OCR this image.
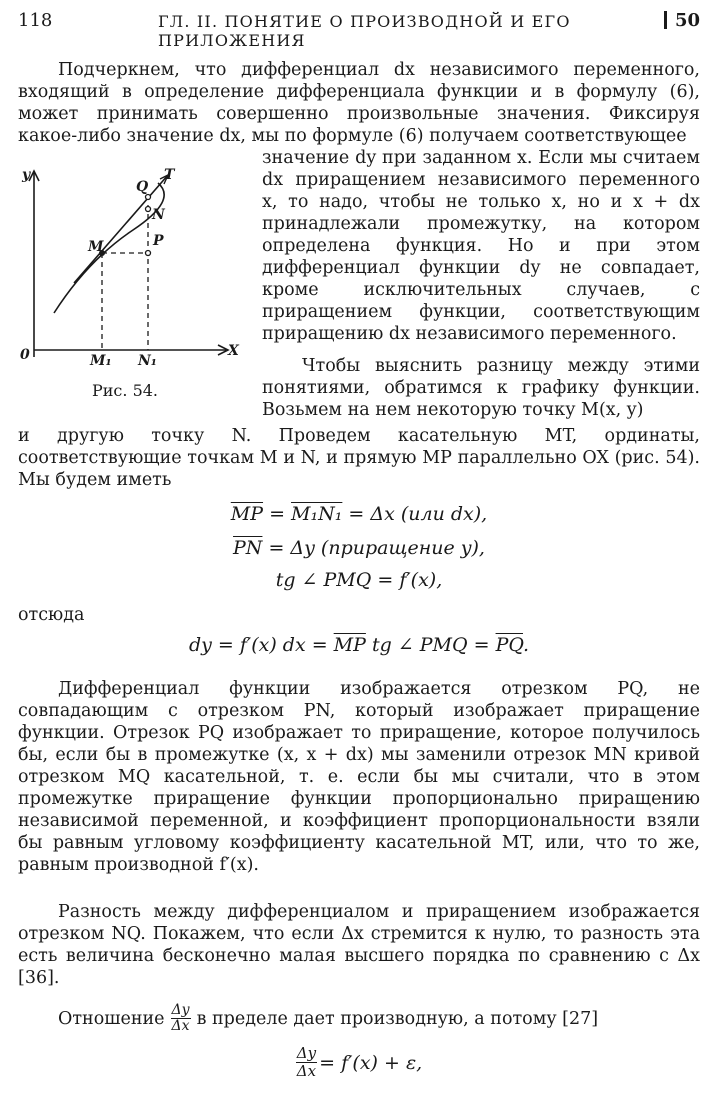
118	ГЛ. II. ПОНЯТИЕ О ПРОИЗВОДНОЙ И ЕГО ПРИЛОЖЕНИЯ
50
Подчеркнем, что дифференциал dx независимого переменного, входящий в определение дифференциала функции и в формулу (6), может принимать совершенно произвольные значения. Фиксируя какое-либо значение dx, мы по формуле (6) получаем соответствующее
y
X
0	M₁ N₁
M	P
N
Q
T
Рис. 54.
значение dy при заданном x. Если мы считаем dx приращением независимого переменного x, то надо, чтобы не только x, но и x + dx принадлежали промежутку, на котором определена функция. Но и при этом дифференциал функции dy не совпадает, кроме исключительных случаев, с приращением функции, соответствующим приращению dx независимого переменного.
Чтобы выяснить разницу между этими понятиями, обратимся к графику функции. Возьмем на нем некоторую точку M(x, y)
и другую точку N. Проведем касательную MT, ординаты, соответствующие точкам M и N, и прямую MP параллельно OX (рис. 54). Мы будем иметь
$\overline{MP} = M_1N_1 = \Delta x$ (или dx),
$\overline{PN} = \Delta y$ (приращение y),
tg ∠ PMQ = f′(x),
отсюда
dy = f′(x) dx = $\overline{MP}$ tg ∠ PMQ = $\overline{PQ}$.
Дифференциал функции изображается отрезком PQ, не совпадающим с отрезком PN, который изображает приращение функции. Отрезок PQ изображает то приращение, которое получилось бы, если бы в промежутке (x, x + dx) мы заменили отрезок MN кривой отрезком MQ касательной, т. е. если бы мы считали, что в этом промежутке приращение функции пропорционально приращению независимой переменной, и коэффициент пропорциональности взяли бы равным угловому коэффициенту касательной MT, или, что то же, равным производной f′(x).
Разность между дифференциалом и приращением изображается отрезком NQ. Покажем, что если Δx стремится к нулю, то разность эта есть величина бесконечно малая высшего порядка по сравнению с Δx [36].
Отношение Δy
Δx в пределе дает производную, а потому [27]
$\frac{\Delta y}{\Delta x} = f'(x) + \varepsilon$,
